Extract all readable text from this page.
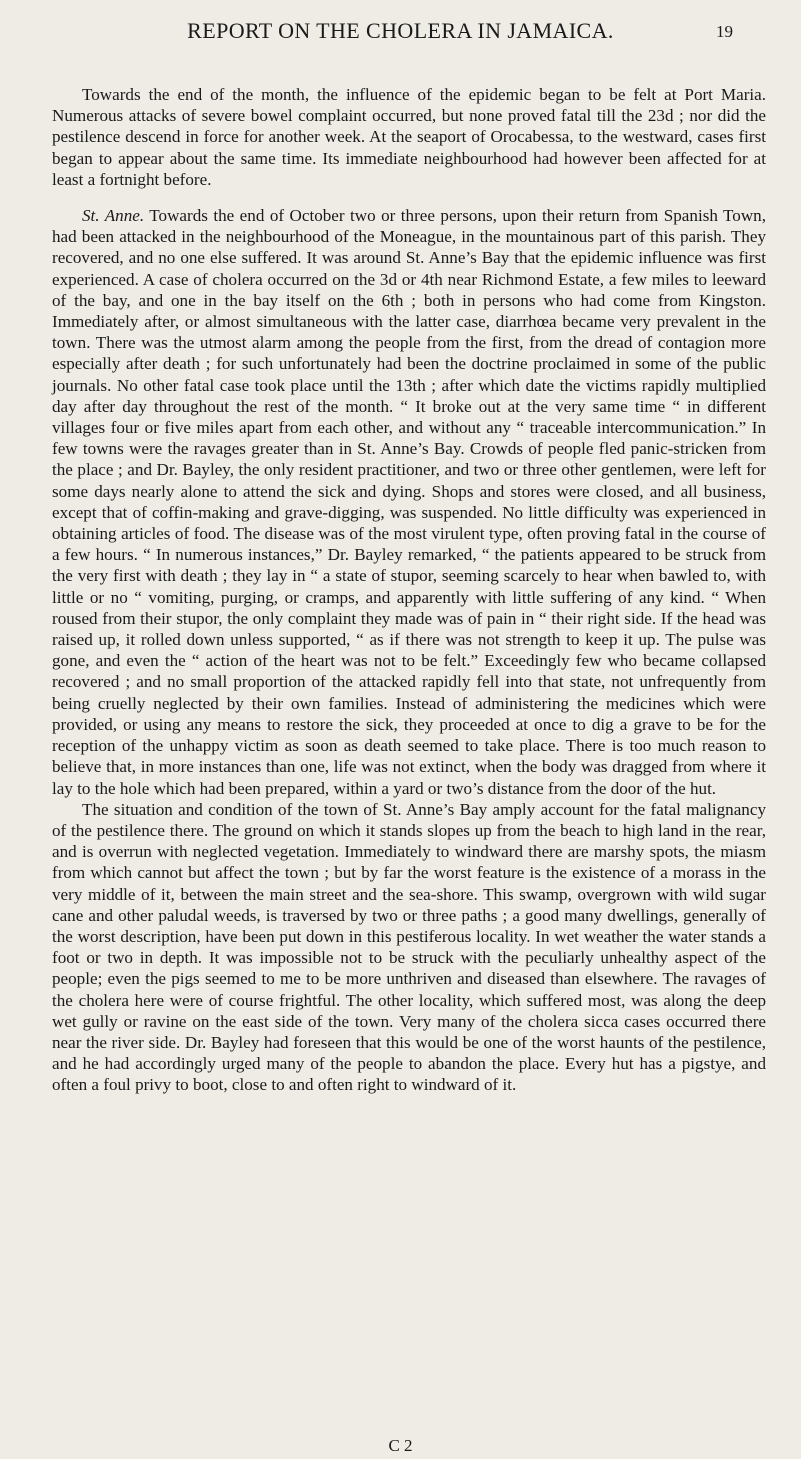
REPORT ON THE CHOLERA IN JAMAICA.	19

Towards the end of the month, the influence of the epidemic began to be felt at Port Maria. Numerous attacks of severe bowel complaint occurred, but none proved fatal till the 23d ; nor did the pestilence descend in force for another week. At the seaport of Orocabessa, to the westward, cases first began to appear about the same time. Its immediate neighbourhood had however been affected for at least a fortnight before.

St. Anne. Towards the end of October two or three persons, upon their return from Spanish Town, had been attacked in the neighbourhood of the Moneague, in the mountainous part of this parish. They recovered, and no one else suffered. It was around St. Anne’s Bay that the epidemic influence was first experienced. A case of cholera occurred on the 3d or 4th near Richmond Estate, a few miles to leeward of the bay, and one in the bay itself on the 6th ; both in persons who had come from Kingston. Immediately after, or almost simultaneous with the latter case, diarrhœa became very prevalent in the town. There was the utmost alarm among the people from the first, from the dread of contagion more especially after death ; for such unfortunately had been the doctrine proclaimed in some of the public journals. No other fatal case took place until the 13th ; after which date the victims rapidly multiplied day after day throughout the rest of the month. “ It broke out at the very same time “ in different villages four or five miles apart from each other, and without any “ traceable intercommunication.” In few towns were the ravages greater than in St. Anne’s Bay. Crowds of people fled panic-stricken from the place ; and Dr. Bayley, the only resident practitioner, and two or three other gentlemen, were left for some days nearly alone to attend the sick and dying. Shops and stores were closed, and all business, except that of coffin-making and grave-digging, was suspended. No little difficulty was experienced in obtaining articles of food. The disease was of the most virulent type, often proving fatal in the course of a few hours. “ In numerous instances,” Dr. Bayley remarked, “ the patients appeared to be struck from the very first with death ; they lay in “ a state of stupor, seeming scarcely to hear when bawled to, with little or no “ vomiting, purging, or cramps, and apparently with little suffering of any kind. “ When roused from their stupor, the only complaint they made was of pain in “ their right side. If the head was raised up, it rolled down unless supported, “ as if there was not strength to keep it up. The pulse was gone, and even the “ action of the heart was not to be felt.” Exceedingly few who became collapsed recovered ; and no small proportion of the attacked rapidly fell into that state, not unfrequently from being cruelly neglected by their own families. Instead of administering the medicines which were provided, or using any means to restore the sick, they proceeded at once to dig a grave to be for the reception of the unhappy victim as soon as death seemed to take place. There is too much reason to believe that, in more instances than one, life was not extinct, when the body was dragged from where it lay to the hole which had been prepared, within a yard or two’s distance from the door of the hut.

The situation and condition of the town of St. Anne’s Bay amply account for the fatal malignancy of the pestilence there. The ground on which it stands slopes up from the beach to high land in the rear, and is overrun with neglected vegetation. Immediately to windward there are marshy spots, the miasm from which cannot but affect the town ; but by far the worst feature is the existence of a morass in the very middle of it, between the main street and the sea-shore. This swamp, overgrown with wild sugar cane and other paludal weeds, is traversed by two or three paths ; a good many dwellings, generally of the worst description, have been put down in this pestiferous locality. In wet weather the water stands a foot or two in depth. It was impossible not to be struck with the peculiarly unhealthy aspect of the people; even the pigs seemed to me to be more unthriven and diseased than elsewhere. The ravages of the cholera here were of course frightful. The other locality, which suffered most, was along the deep wet gully or ravine on the east side of the town. Very many of the cholera sicca cases occurred there near the river side. Dr. Bayley had foreseen that this would be one of the worst haunts of the pestilence, and he had accordingly urged many of the people to abandon the place. Every hut has a pigstye, and often a foul privy to boot, close to and often right to windward of it.

C 2
